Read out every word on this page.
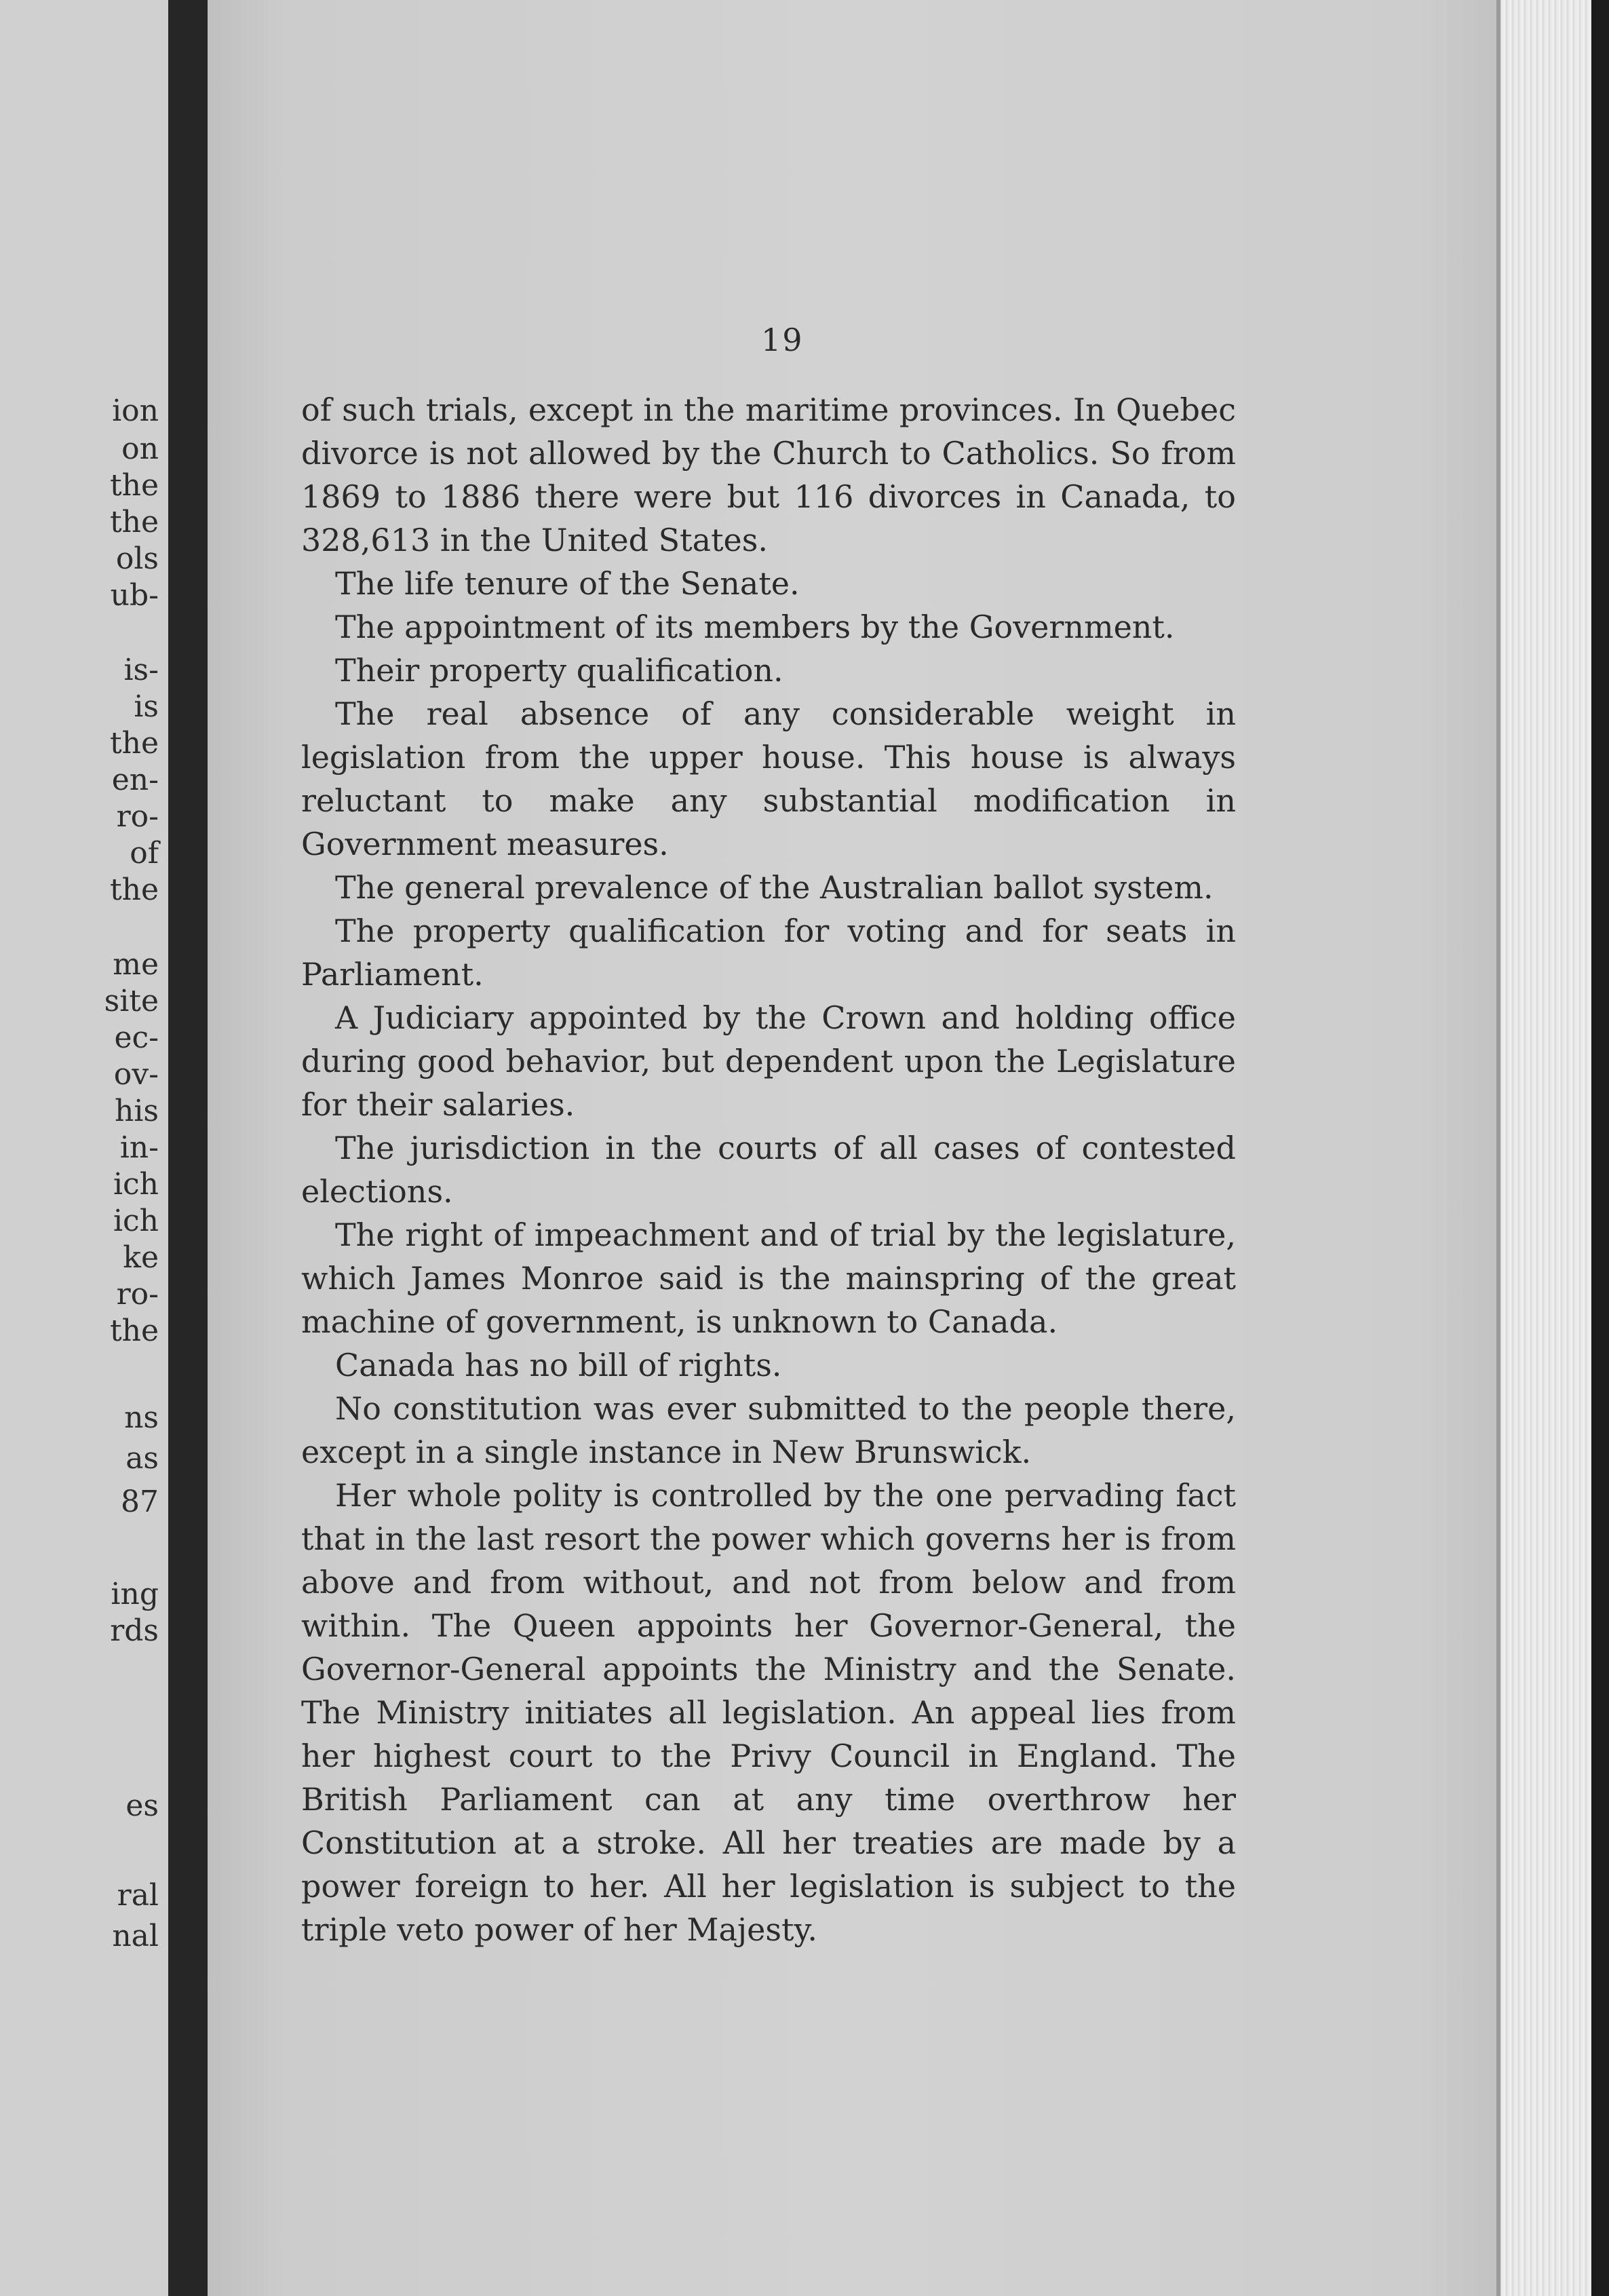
ion
on
the
the
ols
ub-
is-
is
the
en-
ro-
of
the
me
site
ec-
ov-
his
in-
ich
ich
ke
ro-
the
ns
as
87
ing
rds
es
ral
nal
19

of such trials, except in the maritime provinces. In Quebec divorce is not allowed by the Church to Catholics. So from 1869 to 1886 there were but 116 divorces in Canada, to 328,613 in the United States.

The life tenure of the Senate.

The appointment of its members by the Government.

Their property qualification.

The real absence of any considerable weight in legislation from the upper house. This house is always reluctant to make any substantial modification in Government measures.

The general prevalence of the Australian ballot system.

The property qualification for voting and for seats in Parliament.

A Judiciary appointed by the Crown and holding office during good behavior, but dependent upon the Legislature for their salaries.

The jurisdiction in the courts of all cases of contested elections.

The right of impeachment and of trial by the legislature, which James Monroe said is the mainspring of the great machine of government, is unknown to Canada.

Canada has no bill of rights.

No constitution was ever submitted to the people there, except in a single instance in New Brunswick.

Her whole polity is controlled by the one pervading fact that in the last resort the power which governs her is from above and from without, and not from below and from within. The Queen appoints her Governor-General, the Governor-General appoints the Ministry and the Senate. The Ministry initiates all legislation. An appeal lies from her highest court to the Privy Council in England. The British Parliament can at any time overthrow her Constitution at a stroke. All her treaties are made by a power foreign to her. All her legislation is subject to the triple veto power of her Majesty.
